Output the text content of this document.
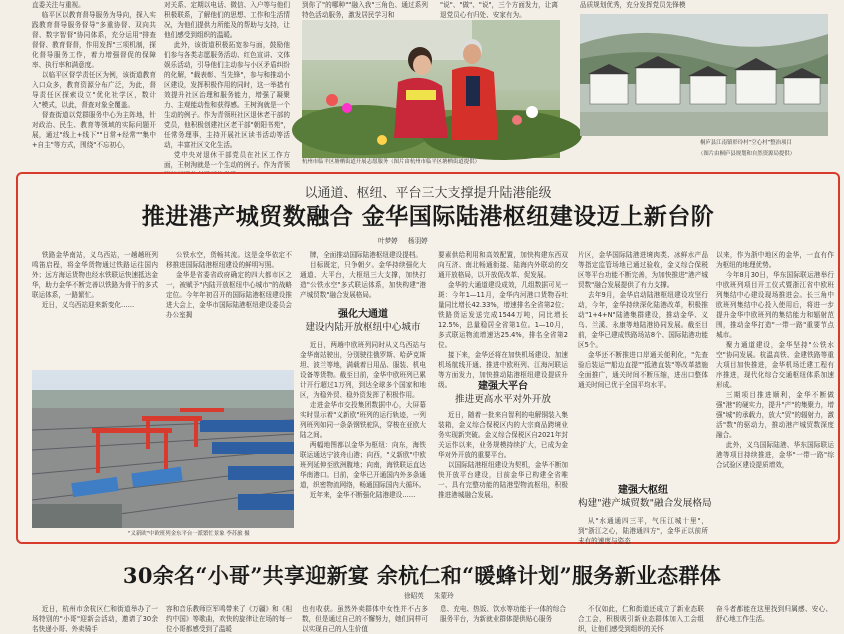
直委关注与重视。

临平区以教育督导服务为导向，探入实践教育督导服务督导"多重协督、双向共督、数字智督"协同体系，充分运用"排查督督、教育督督，作用发挥"三项机制，探化督导服务工作，着力增强督促的保障率、执行率和满意度。

以临平区督学责任区为例，该街道教育入口众多，教育资源分布广泛，为此，督导责任区探索设立"优化社学区，数计入"模式，以此，督查对象全覆盖。

督查街道以党群服务中心为主阵地，针对政治、民生、教育等领域的实际问题开展，通过"线上+线下""日常+经常""集中+自主"等方式，围绕"不忘初心，

对关系、定期以电话、微信、入户等与他们积极联系，了解他们的思想、工作和生活情况，为他们提供力所能及的帮助与支持，让他们感受到组织的温暖。

此外，该街道积极拓宽参与面，鼓励他们参与各类志愿服务活动、红色宣讲、文体娱乐活动，引导他们主动参与小区矛盾纠纷的化解，"载表彰、当先锋"，参与和推动小区建设，发挥积极作用的同时，这一举措有效提升社区治理和服务能力，增强了凝聚力、主观能动性和获得感。王树洵就是一个生动的例子。作为青领班社区退休老干部的党员，他积极创建社区老干部"朝阳书苑"，任常务理事，主持开展社区读书活动等活动，丰富社区文化生活。

党中央对退休干部党员在社区工作方面，王树洵就是一个生动的例子。作为青领

到你了"的哪种""融入我"三角色、通过系列特色活动服务，激发居民学习和

"说"、"做"、"说"，三个方面发力，让离退党员心有归处、安家有为。

品质规划优秀，充分发挥党员先锋模

杭州市临平区塘栖街道开展志愿服务（图片由杭州市临平区塘栖街道提供）
桐庐县江南镇彰玲村“空心村”整治项目
（图片由桐庐县规划和自然资源局提供）
以通道、枢纽、平台三大支撑提升陆港能级
推进港产城贸数融合 金华国际陆港枢纽建设迈上新台阶
叶梦婷 杨羽婷

铁路金华南站，义乌西站，一趟趟班列鸣笛启程，将金华货物通过铁路运往国内外；远方海运货物也经水铁联运快速抵达金华，助力金华不断完善以铁路为骨干的多式联运体系，一路繁忙。

近日，义乌西站迎来新变化……

公铁水空，货畅其流。这是金华依定不移推进国际陆港枢纽建设的鲜明写照。

金华是省委省政府确定的四大都市区之一，被赋予"内陆开放枢纽中心城市"的战略定位。今年年初召开的国际陆港枢纽建设推进大会上，金华市国际陆港枢纽建设委员会办公室揭

牌，全面推动国际陆港枢纽建设提档。

目标既定，只争朝夕。金华持续强化大通道、大平台，大枢纽三大支撑，加快打造"公铁水空"多式联运体系，加快构建"港产城贸数"融合发展格局。

强化大通道
建设内陆开放枢纽中心城市

近日，两趟中欧班列同时从义乌西站与金华南站驶出，分别驶往俄罗斯、哈萨克斯坦、波兰等地，满载着日用品、服装、机电设备等货物。截至目前，金华中欧班列已累计开行超过1万列，到达全球多个国家和地区，为稳外贸、稳外资发挥了积极作用。

走进金华市交投集团数据中心，大屏幕实时显示着"义新欧"班列的运行轨迹，一列列班列如同一条条钢铁驼队，穿梭在亚欧大陆之间。

两幅地图都以金华为枢纽：向东，海铁联运通达宁波舟山港；向西，"义新欧"中欧班列延伸至欧洲腹地；向南，海铁联运直达华南港口。目前，金华已开通国内外多条通道，织密物流网络，畅通国际国内大循环。

近年来，金华不断强化陆港建设……

要素供给利用和高效配置，加快构建东西双向互济、南北畅通衔接、陆海内外联动的交通开放格局，以开放促改革、促发展。

金华的大通道建设成效，几组数据可见一斑：今年1—11月，金华内河港口货物吞吐量同比增长42.33%，增速排名全省第2位；铁路货运发送完成1544万吨，同比增长12.5%，总量稳居全省第1位。1—10月，多式联运物流增速达25.4%，排名全省第2位。

接下来，金华还将在加快机场建设、加速机场航线开通、推进中欧班列、江海河联运等方面发力，加快推动陆港枢纽建设提质升级。	建强大平台
推进更高水平对外开放

近日，随着一批来自智利的电解铜装入集装箱，金义综合保税区内的大宗商品跨境业务实现新突破。金义综合保税区自2021年封关运作以来，业务规模持续扩大，已成为金华对外开放的重要平台。

以国际陆港枢纽建设为契机，金华不断加快开放平台建设，目前金华已构建全省唯一、具有完整功能的陆港型物流枢纽，积极推进港城融合发展。

片区，金华国际陆港进境肉类、冰鲜水产品等指定监管场地已通过验收，金义综合保税区等平台功能不断完善，为加快推进"港产城贸数"融合发展提供了有力支撑。

去年9月，金华启动陆港枢纽建设攻坚行动，今年，金华持续深化陆港改革，积极推动"1+4+N"陆港集群建设，推动金华、义乌、兰溪、永康等地陆港协同发展。截至目前，金华已建成铁路场站8个、国际陆港功能区5个。

金华还不断推进口岸通关便利化，"先查验后装运""船边直提""抵港直装"等改革措施全面推广，通关时间不断压缩，进出口整体通关时间已优于全国平均水平。

建强大枢纽
构建"港产城贸数"融合发展格局

从"水通通四三平，气压江城十里"，到"浙江之心，陆港通四方"，金华正以前所未有的速度与姿态

以来，作为浙中地区的金华，一直有作为枢纽的地理优势。

今年8月30日，华东国际联运港举行中欧班列项目开工仪式暨浙江省中欧班列集结中心建设现场推进会。长三角中欧班列集结中心投入使用后，将进一步提升金华中欧班列的集结能力和辐射范围，推动金华打造"一带一路"重要节点城市。

聚力通道建设，金华坚持"公铁水空"协同发展。杭温高铁、金建铁路等重大项目加快推进，金华机场迁建工程有序推进，现代化综合交通枢纽体系加速形成。

三期项目推进顺利，金华不断做强"港"的硬实力，提升"产"的集聚力，增强"城"的承载力，放大"贸"的辐射力，激活"数"的驱动力，推动港产城贸数深度融合。

此外，义乌国际陆港、华东国际联运港等项目持续推进，金华"一带一路"综合试验区建设提质增效，

"义新欧"中欧班列金东平台一派繁忙景象 李苏旅 摄
30余名“小哥”共享迎新宴 余杭仁和“暖蜂计划”服务新业态群体
徐昭英 朱蒙玲

近日，杭州市余杭区仁和街道举办了一场特别的"小哥"迎新会活动，邀请了30余名快递小哥、外卖骑手

容和音乐教师臣军鸣带来了《万疆》和《相约中国》等歌曲，欢快的旋律让在场的每一位小哥都感受到了温暖

也有收获。虽然外卖群体中女性并不占多数，但是通过自己的不懈努力，她们同样可以实现自己的人生价值

息、充电、热饭、饮水等功能于一体的综合服务平台，为新就业群体提供贴心服务

不仅如此，仁和街道还成立了新业态联合工会，积极吸引新业态群体加入工会组织，让他们感受到组织的关怀

奋斗者都能在这里找到归属感、安心、舒心地工作生活。
